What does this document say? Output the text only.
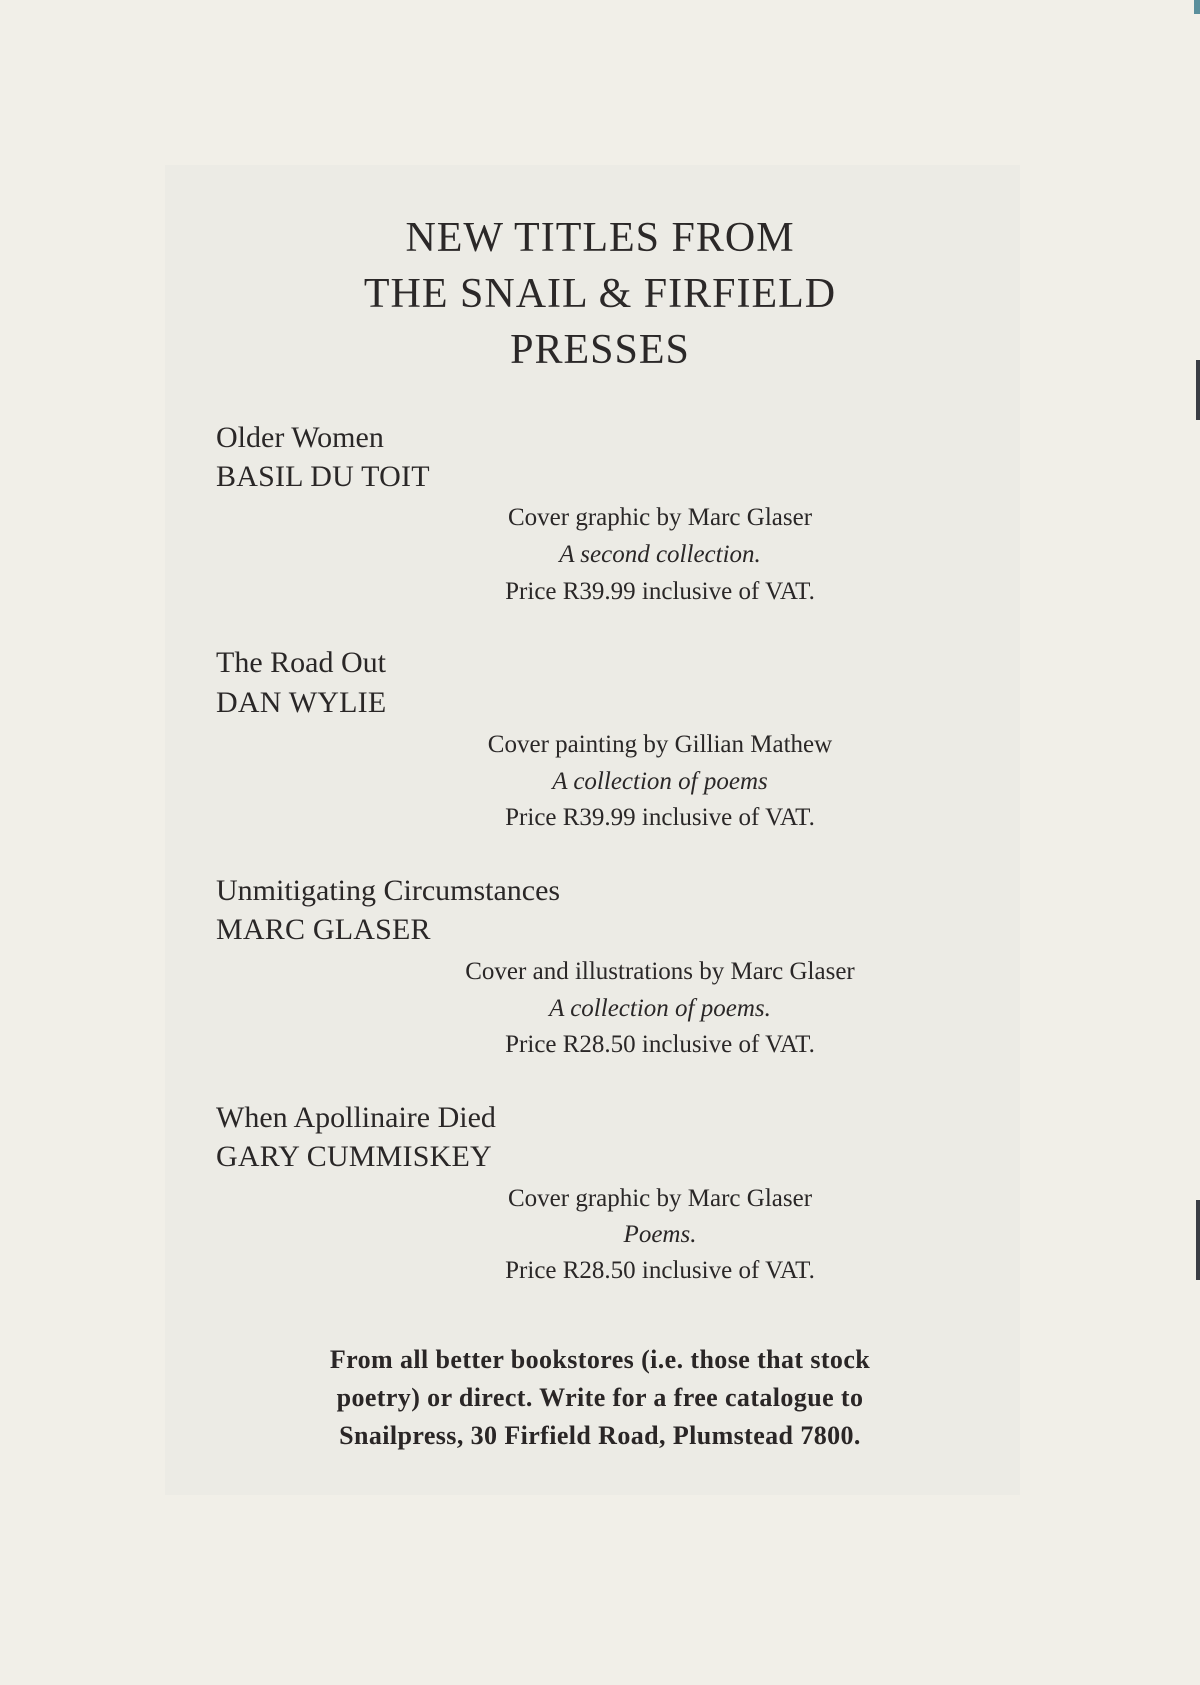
NEW TITLES FROM
THE SNAIL & FIRFIELD
PRESSES
Older Women
BASIL DU TOIT
Cover graphic by Marc Glaser
A second collection.
Price R39.99 inclusive of VAT.
The Road Out
DAN WYLIE
Cover painting by Gillian Mathew
A collection of poems
Price R39.99 inclusive of VAT.
Unmitigating Circumstances
MARC GLASER
Cover and illustrations by Marc Glaser
A collection of poems.
Price R28.50 inclusive of VAT.
When Apollinaire Died
GARY CUMMISKEY
Cover graphic by Marc Glaser
Poems.
Price R28.50 inclusive of VAT.
From all better bookstores (i.e. those that stock
poetry) or direct. Write for a free catalogue to
Snailpress, 30 Firfield Road, Plumstead 7800.
